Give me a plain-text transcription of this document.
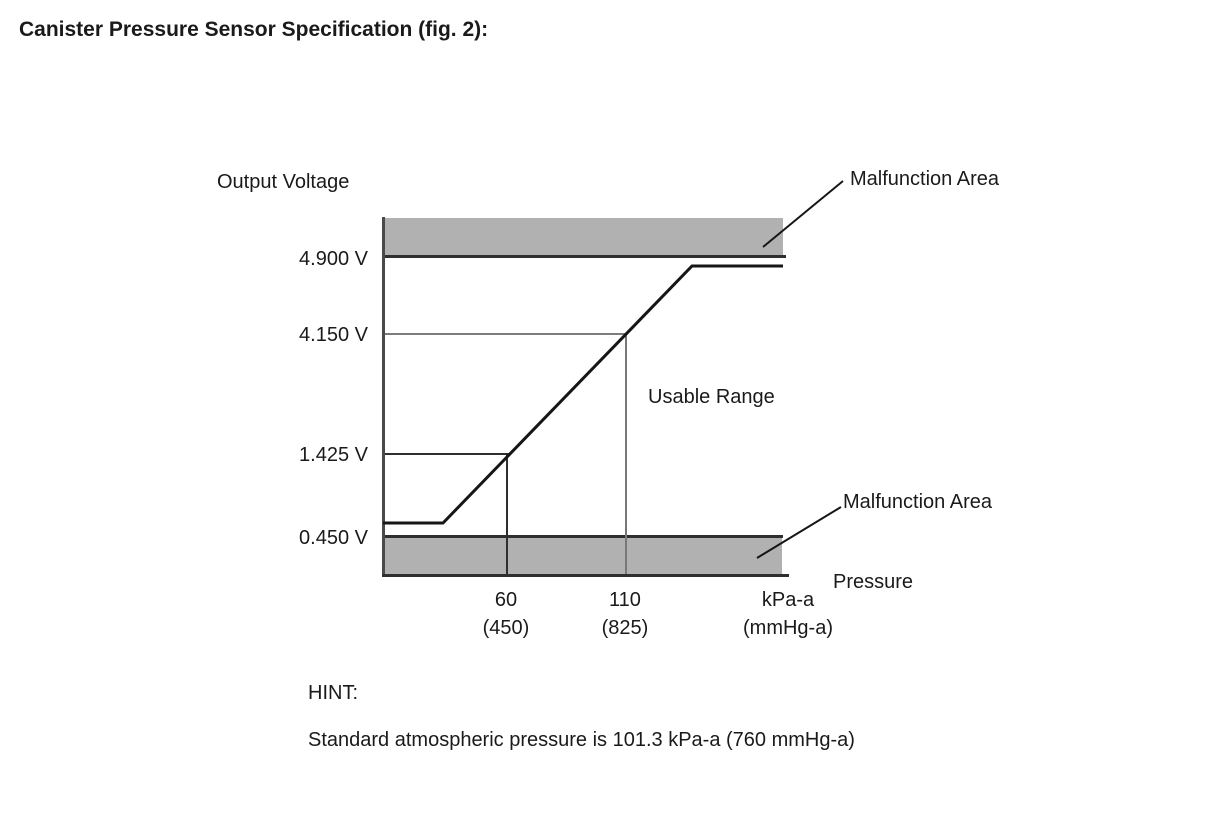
Canister Pressure Sensor Specification (fig. 2):
Output Voltage
4.900 V
4.150 V
1.425 V
0.450 V
60
(450)
110
(825)
kPa-a
(mmHg-a)
Pressure
Usable Range
Malfunction Area
Malfunction Area
HINT:
Standard atmospheric pressure is 101.3 kPa-a (760 mmHg-a)
